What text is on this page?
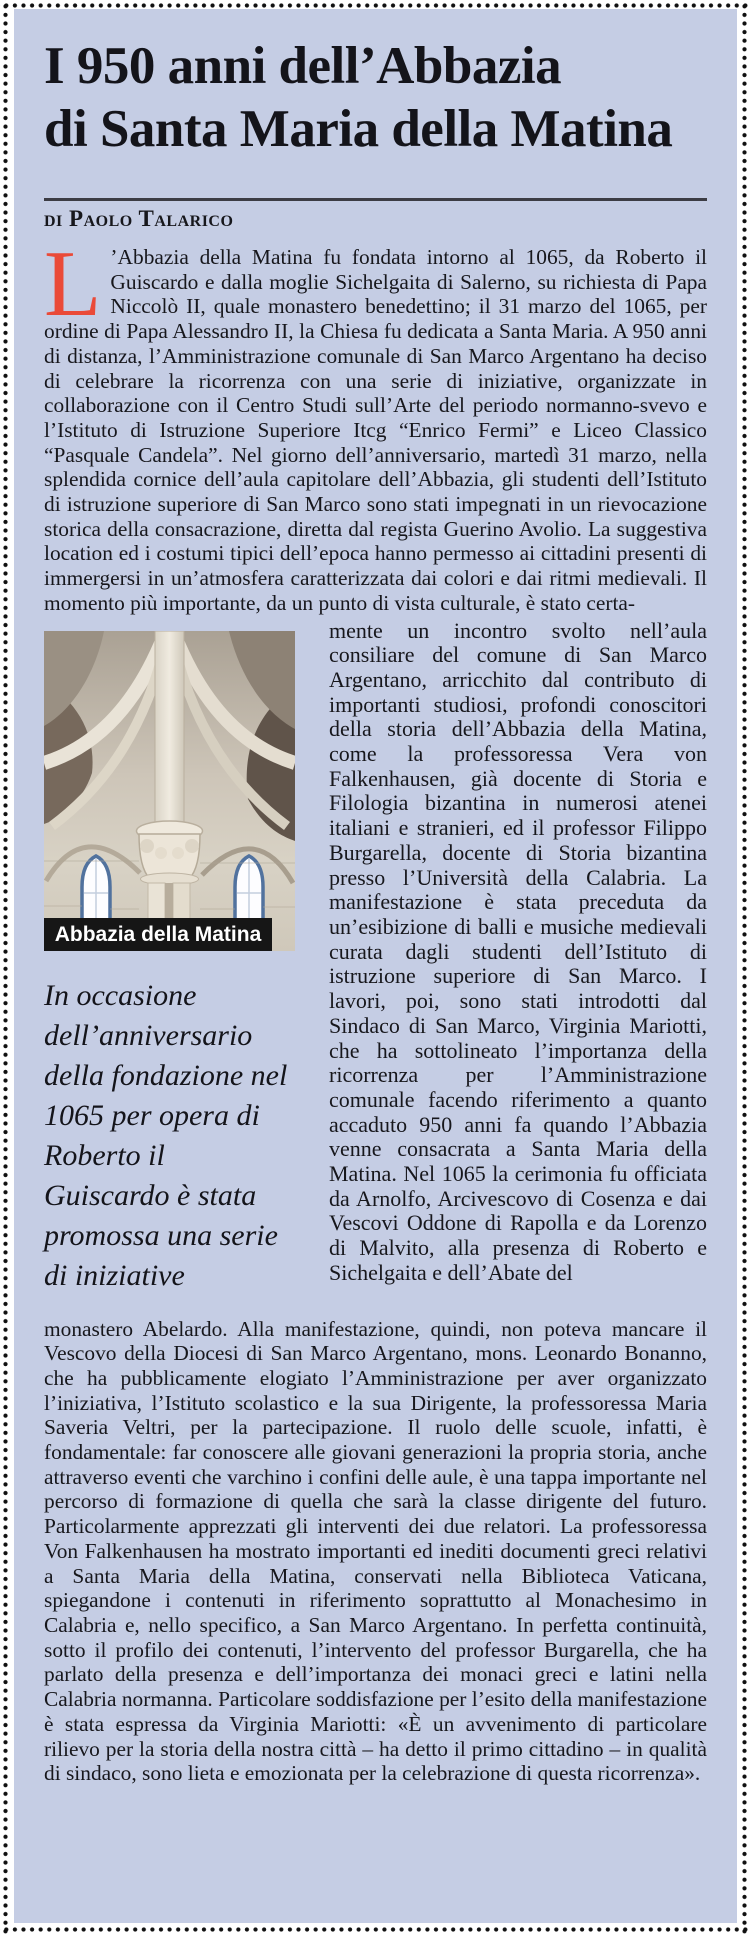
I 950 anni dell’Abbazia
di Santa Maria della Matina
di Paolo Talarico

L ’Abbazia della Matina fu fondata intorno al 1065, da Roberto il Guiscardo e dalla moglie Sichelgaita di Salerno, su richiesta di Papa Niccolò II, quale monastero benedettino; il 31 marzo del 1065, per ordine di Papa Alessandro II, la Chiesa fu dedicata a Santa Maria. A 950 anni di distanza, l’Amministrazione comunale di San Marco Argentano ha deciso di celebrare la ricorrenza con una serie di iniziative, organizzate in collaborazione con il Centro Studi sull’Arte del periodo normanno-svevo e l’Istituto di Istruzione Superiore Itcg “Enrico Fermi” e Liceo Classico “Pasquale Candela”. Nel giorno dell’anniversario, martedì 31 marzo, nella splendida cornice dell’aula capitolare dell’Abbazia, gli studenti dell’Istituto di istruzione superiore di San Marco sono stati impegnati in un rievocazione storica della consacrazione, diretta dal regista Guerino Avolio. La suggestiva location ed i costumi tipici dell’epoca hanno permesso ai cittadini presenti di immergersi in un’atmosfera caratterizzata dai colori e dai ritmi medievali. Il momento più importante, da un punto di vista culturale, è stato certa-

Abbazia della Matina
In occasione dell’anniversario della fondazione nel 1065 per opera di Roberto il Guiscardo è stata promossa una serie di iniziative
mente un incontro svolto nell’aula consiliare del comune di San Marco Argentano, arricchito dal contributo di importanti studiosi, profondi conoscitori della storia dell’Abbazia della Matina, come la professoressa Vera von Falkenhausen, già docente di Storia e Filologia bizantina in numerosi atenei italiani e stranieri, ed il professor Filippo Burgarella, docente di Storia bizantina presso l’Università della Calabria. La manifestazione è stata preceduta da un’esibizione di balli e musiche medievali curata dagli studenti dell’Istituto di istruzione superiore di San Marco. I lavori, poi, sono stati introdotti dal Sindaco di San Marco, Virginia Mariotti, che ha sottolineato l’importanza della ricorrenza per l’Amministrazione comunale facendo riferimento a quanto accaduto 950 anni fa quando l’Abbazia venne consacrata a Santa Maria della Matina. Nel 1065 la cerimonia fu officiata da Arnolfo, Arcivescovo di Cosenza e dai Vescovi Oddone di Rapolla e da Lorenzo di Malvito, alla presenza di Roberto e Sichelgaita e dell’Abate del

monastero Abelardo. Alla manifestazione, quindi, non poteva mancare il Vescovo della Diocesi di San Marco Argentano, mons. Leonardo Bonanno, che ha pubblicamente elogiato l’Amministrazione per aver organizzato l’iniziativa, l’Istituto scolastico e la sua Dirigente, la professoressa Maria Saveria Veltri, per la partecipazione. Il ruolo delle scuole, infatti, è fondamentale: far conoscere alle giovani generazioni la propria storia, anche attraverso eventi che varchino i confini delle aule, è una tappa importante nel percorso di formazione di quella che sarà la classe dirigente del futuro. Particolarmente apprezzati gli interventi dei due relatori. La professoressa Von Falkenhausen ha mostrato importanti ed inediti documenti greci relativi a Santa Maria della Matina, conservati nella Biblioteca Vaticana, spiegandone i contenuti in riferimento soprattutto al Monachesimo in Calabria e, nello specifico, a San Marco Argentano. In perfetta continuità, sotto il profilo dei contenuti, l’intervento del professor Burgarella, che ha parlato della presenza e dell’importanza dei monaci greci e latini nella Calabria normanna. Particolare soddisfazione per l’esito della manifestazione è stata espressa da Virginia Mariotti: «È un avvenimento di particolare rilievo per la storia della nostra città – ha detto il primo cittadino – in qualità di sindaco, sono lieta e emozionata per la celebrazione di questa ricorrenza».
